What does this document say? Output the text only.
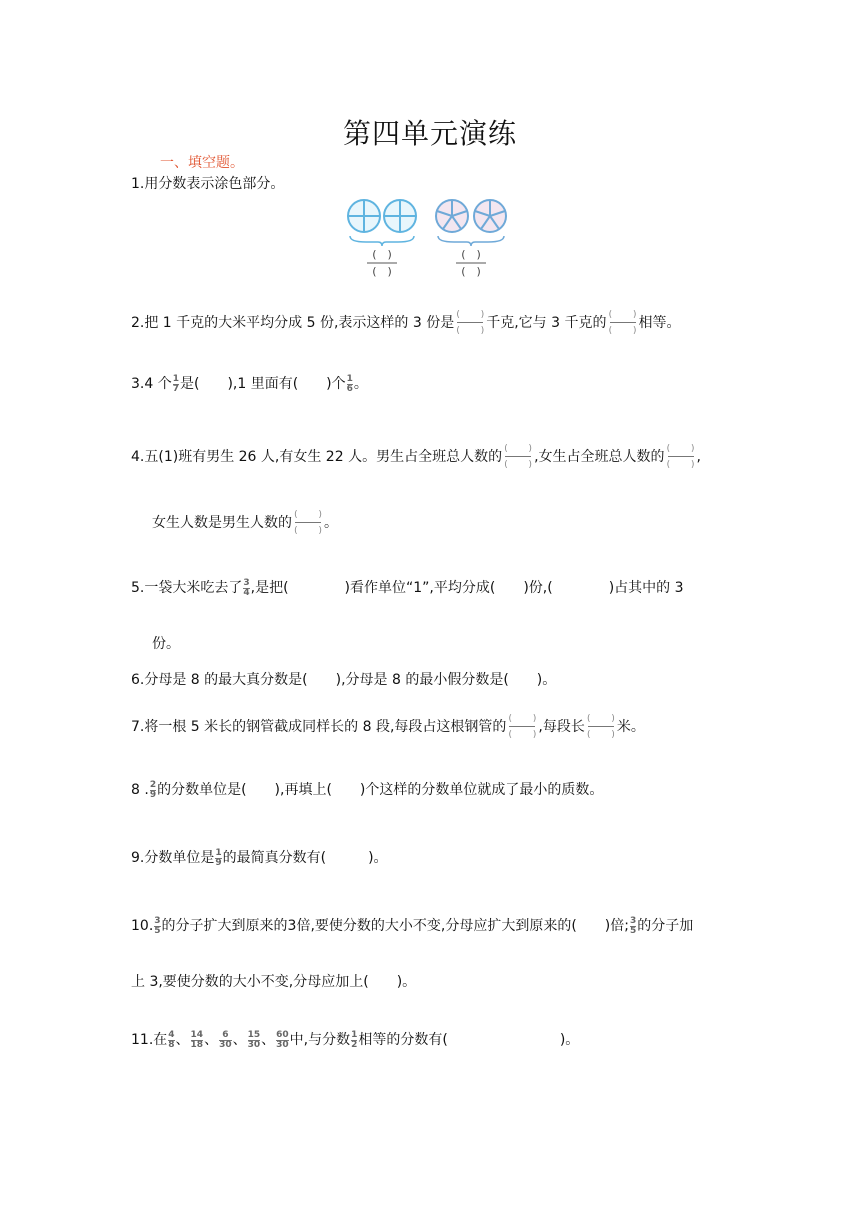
第四单元演练
一、填空题。
1.用分数表示涂色部分。
(　)
(　)
(　)
(　)
2.把 1 千克的大米平均分成 5 份,表示这样的 3 份是 ( )
( ) 千克,它与 3 千克的 ( )
( ) 相等。
3.4 个 $\frac{1}{7}$ 是(　　),1 里面有(　　)个 $\frac{1}{6}$ 。
4.五(1)班有男生 26 人,有女生 22 人。男生占全班总人数的 ( )
( ) ,女生占全班总人数的 ( )
( ) ,
女生人数是男生人数的 ( )
( ) 。
5.一袋大米吃去了 $\frac{3}{4}$ ,是把(　　　　)看作单位“1”,平均分成(　　)份,(　　　　)占其中的 3
份。
6.分母是 8 的最大真分数是(　　),分母是 8 的最小假分数是(　　)。
7.将一根 5 米长的钢管截成同样长的 8 段,每段占这根钢管的 ( )
( ) ,每段长 ( )
( ) 米。
8 . $\frac{2}{9}$ 的分数单位是(　　),再填上(　　)个这样的分数单位就成了最小的质数。
9.分数单位是 $\frac{1}{9}$ 的最简真分数有(　　　)。
10. $\frac{3}{5}$ 的分子扩大到原来的3倍,要使分数的大小不变,分母应扩大到原来的(　　)倍; $\frac{3}{5}$ 的分子加
上 3,要使分数的大小不变,分母应加上(　　)。
11.在 $\frac{4}{8}$ 、 $\frac{14}{18}$ 、 $\frac{6}{30}$ 、 $\frac{15}{30}$ 、 $\frac{60}{30}$ 中,与分数 $\frac{1}{2}$ 相等的分数有(　　　　　　　　)。
